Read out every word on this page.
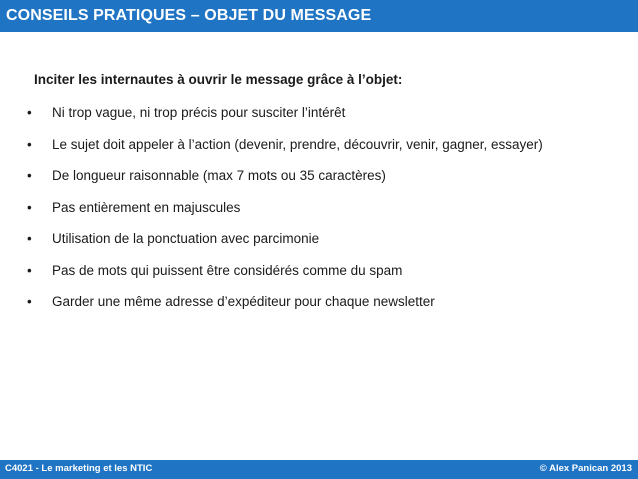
CONSEILS PRATIQUES – OBJET DU MESSAGE
Inciter les internautes à ouvrir le message grâce à l’objet:
• Ni trop vague, ni trop précis pour susciter l’intérêt
• Le sujet doit appeler à l’action (devenir, prendre, découvrir, venir, gagner, essayer)
• De longueur raisonnable (max 7 mots ou 35 caractères)
• Pas entièrement en majuscules
• Utilisation de la ponctuation avec parcimonie
• Pas de mots qui puissent être considérés comme du spam
• Garder une même adresse d’expéditeur pour chaque newsletter
C4021 - Le marketing et les NTIC	© Alex Panican 2013
